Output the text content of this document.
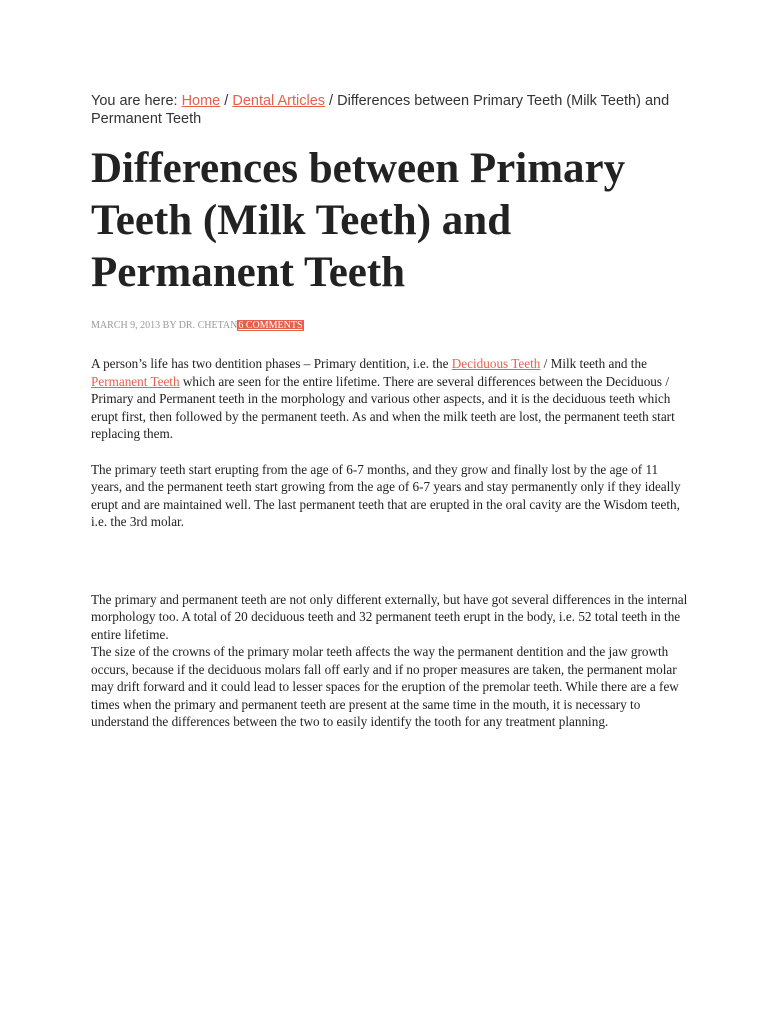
You are here: Home / Dental Articles / Differences between Primary Teeth (Milk Teeth) and Permanent Teeth
Differences between Primary Teeth (Milk Teeth) and Permanent Teeth
MARCH 9, 2013 BY DR. CHETAN6 COMMENTS

A person’s life has two dentition phases – Primary dentition, i.e. the Deciduous Teeth / Milk teeth and the Permanent Teeth which are seen for the entire lifetime. There are several differences between the Deciduous / Primary and Permanent teeth in the morphology and various other aspects, and it is the deciduous teeth which erupt first, then followed by the permanent teeth. As and when the milk teeth are lost, the permanent teeth start replacing them.

The primary teeth start erupting from the age of 6-7 months, and they grow and finally lost by the age of 11 years, and the permanent teeth start growing from the age of 6-7 years and stay permanently only if they ideally erupt and are maintained well. The last permanent teeth that are erupted in the oral cavity are the Wisdom teeth, i.e. the 3rd molar.

The primary and permanent teeth are not only different externally, but have got several differences in the internal morphology too. A total of 20 deciduous teeth and 32 permanent teeth erupt in the body, i.e. 52 total teeth in the entire lifetime.

The size of the crowns of the primary molar teeth affects the way the permanent dentition and the jaw growth occurs, because if the deciduous molars fall off early and if no proper measures are taken, the permanent molar may drift forward and it could lead to lesser spaces for the eruption of the premolar teeth. While there are a few times when the primary and permanent teeth are present at the same time in the mouth, it is necessary to understand the differences between the two to easily identify the tooth for any treatment planning.
